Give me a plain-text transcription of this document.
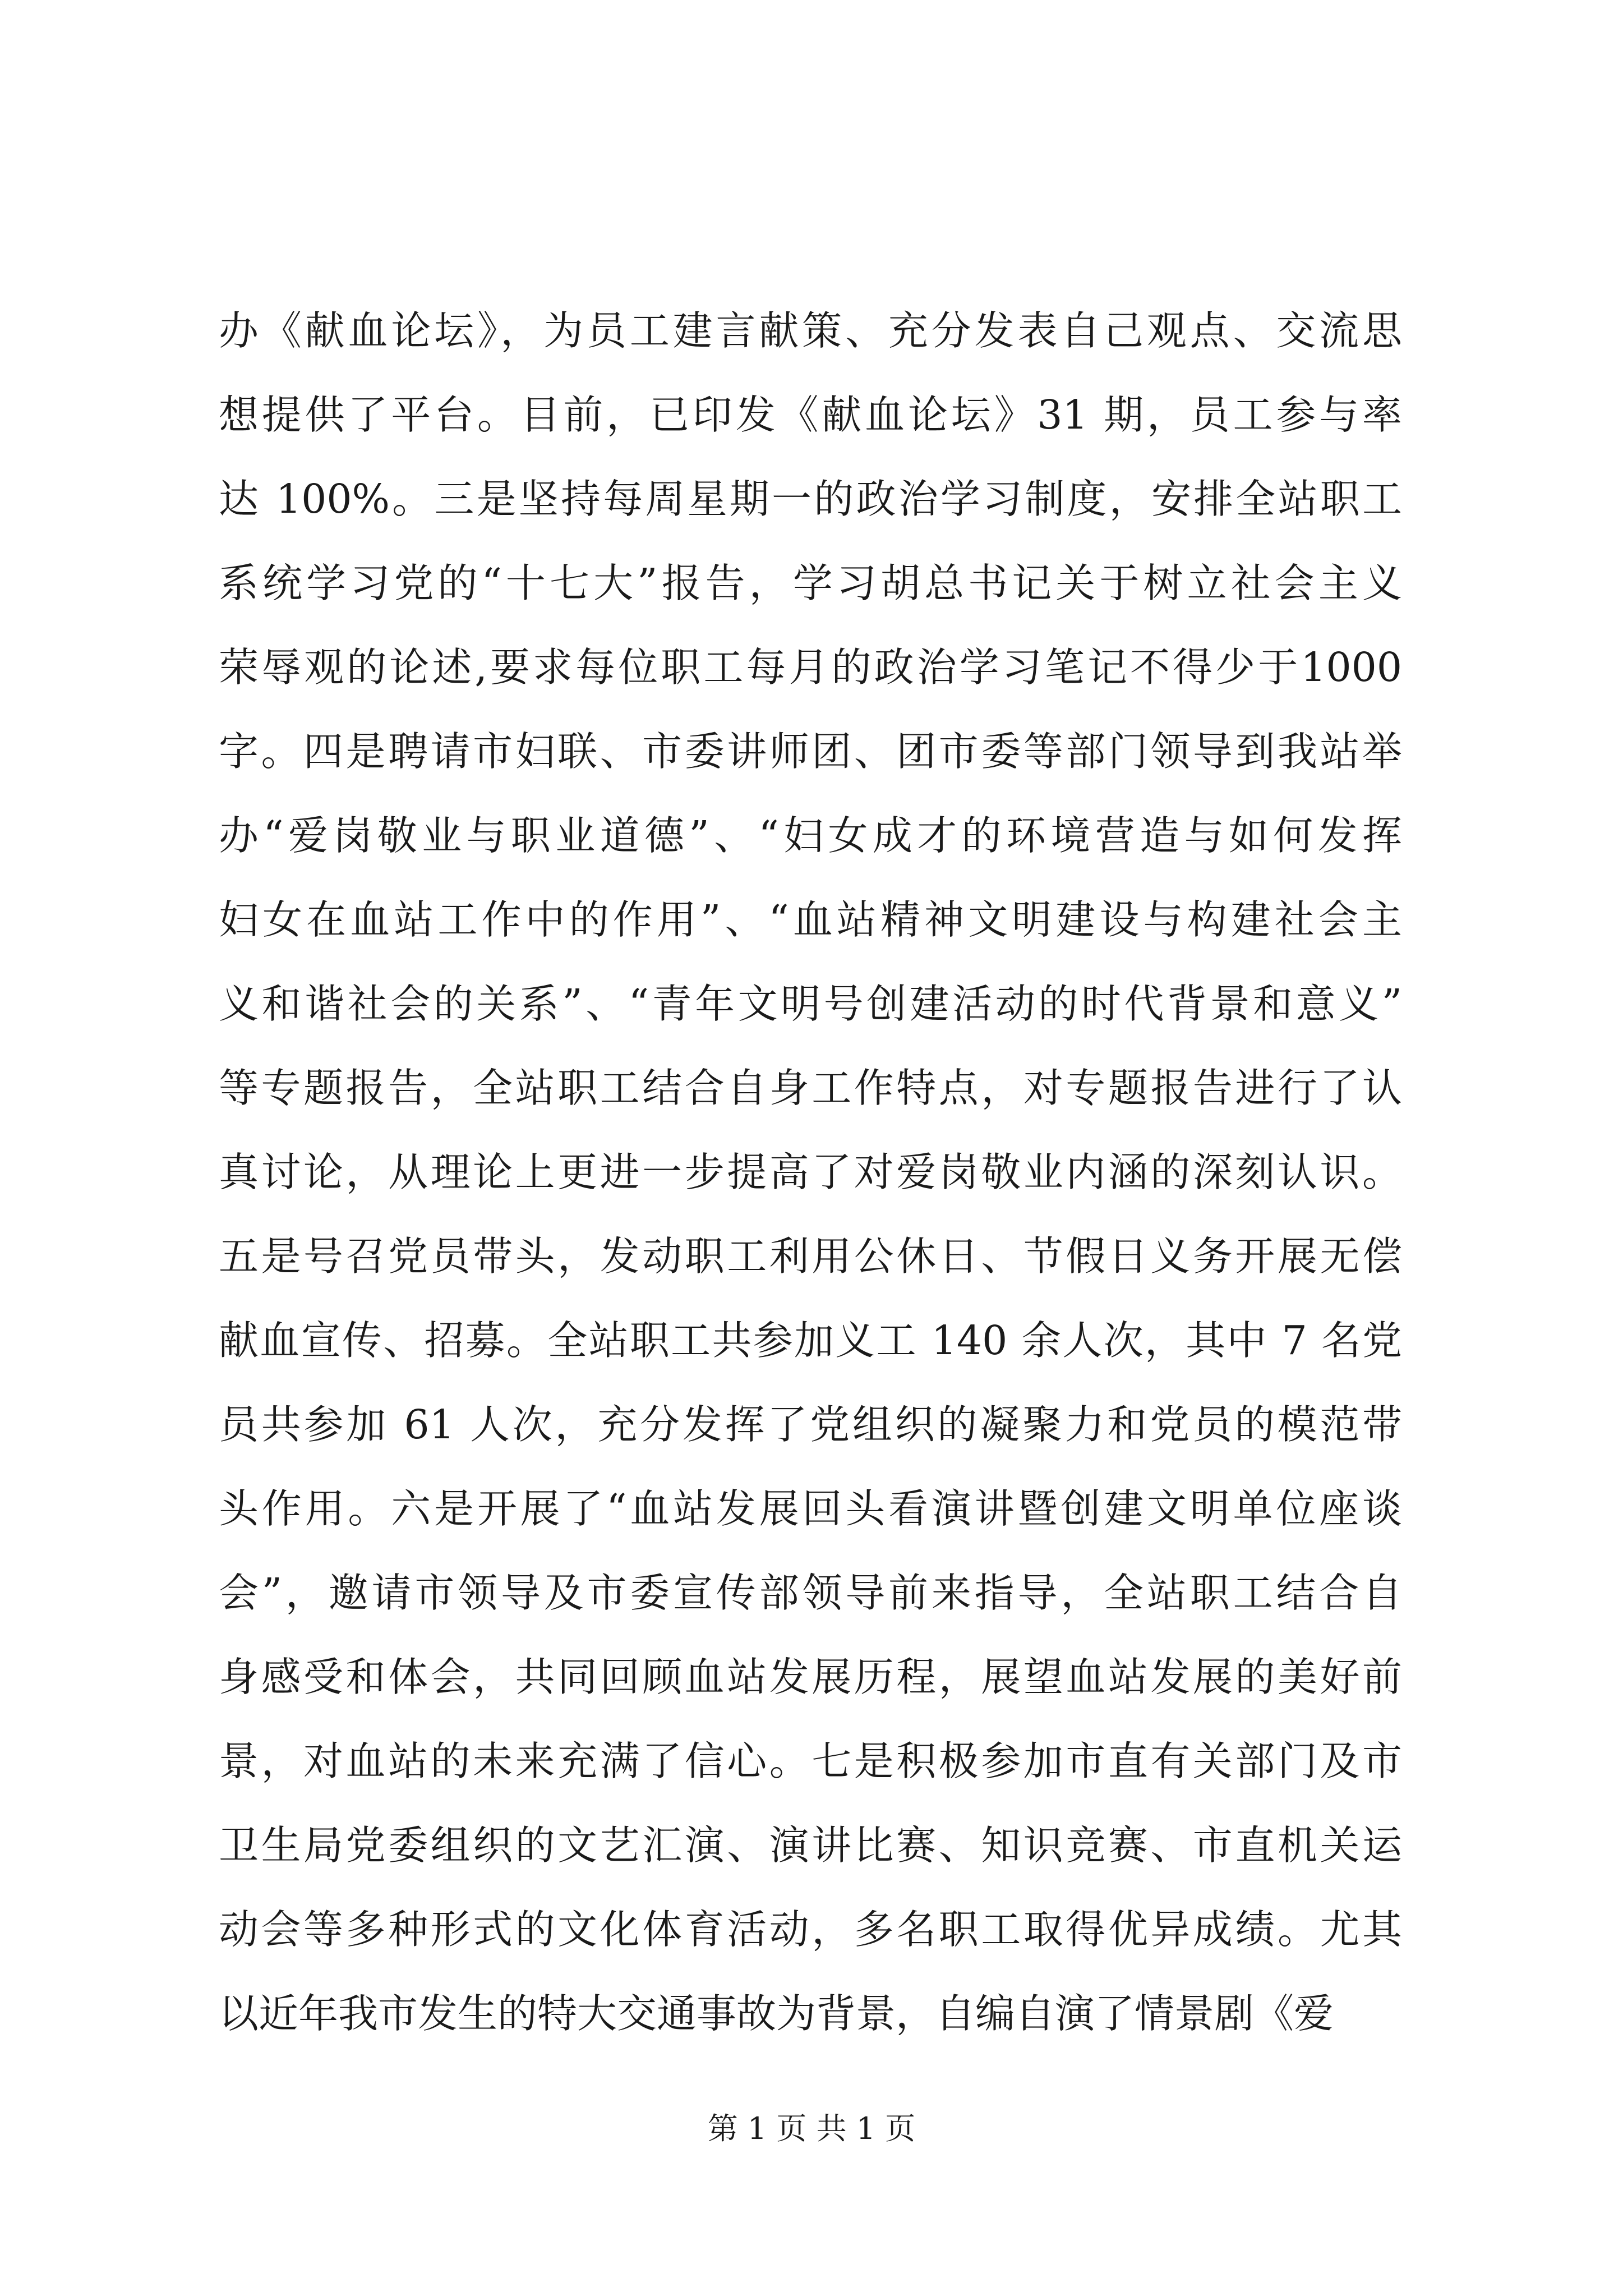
办《献血论坛》，为员工建言献策、充分发表自己观点、交流思
想提供了平台。目前，已印发《献血论坛》31 期，员工参与率
达 100%。三是坚持每周星期一的政治学习制度，安排全站职工
系统学习党的“十七大”报告，学习胡总书记关于树立社会主义
荣辱观的论述,要求每位职工每月的政治学习笔记不得少于1000
字。四是聘请市妇联、市委讲师团、团市委等部门领导到我站举
办“爱岗敬业与职业道德”、“妇女成才的环境营造与如何发挥
妇女在血站工作中的作用”、“血站精神文明建设与构建社会主
义和谐社会的关系”、“青年文明号创建活动的时代背景和意义”
等专题报告，全站职工结合自身工作特点，对专题报告进行了认
真讨论，从理论上更进一步提高了对爱岗敬业内涵的深刻认识。
五是号召党员带头，发动职工利用公休日、节假日义务开展无偿
献血宣传、招募。全站职工共参加义工 140 余人次，其中 7 名党
员共参加 61 人次，充分发挥了党组织的凝聚力和党员的模范带
头作用。六是开展了“血站发展回头看演讲暨创建文明单位座谈
会”，邀请市领导及市委宣传部领导前来指导，全站职工结合自
身感受和体会，共同回顾血站发展历程，展望血站发展的美好前
景，对血站的未来充满了信心。七是积极参加市直有关部门及市
卫生局党委组织的文艺汇演、演讲比赛、知识竞赛、市直机关运
动会等多种形式的文化体育活动，多名职工取得优异成绩。尤其
以近年我市发生的特大交通事故为背景，自编自演了情景剧《爱
第 1 页 共 1 页
